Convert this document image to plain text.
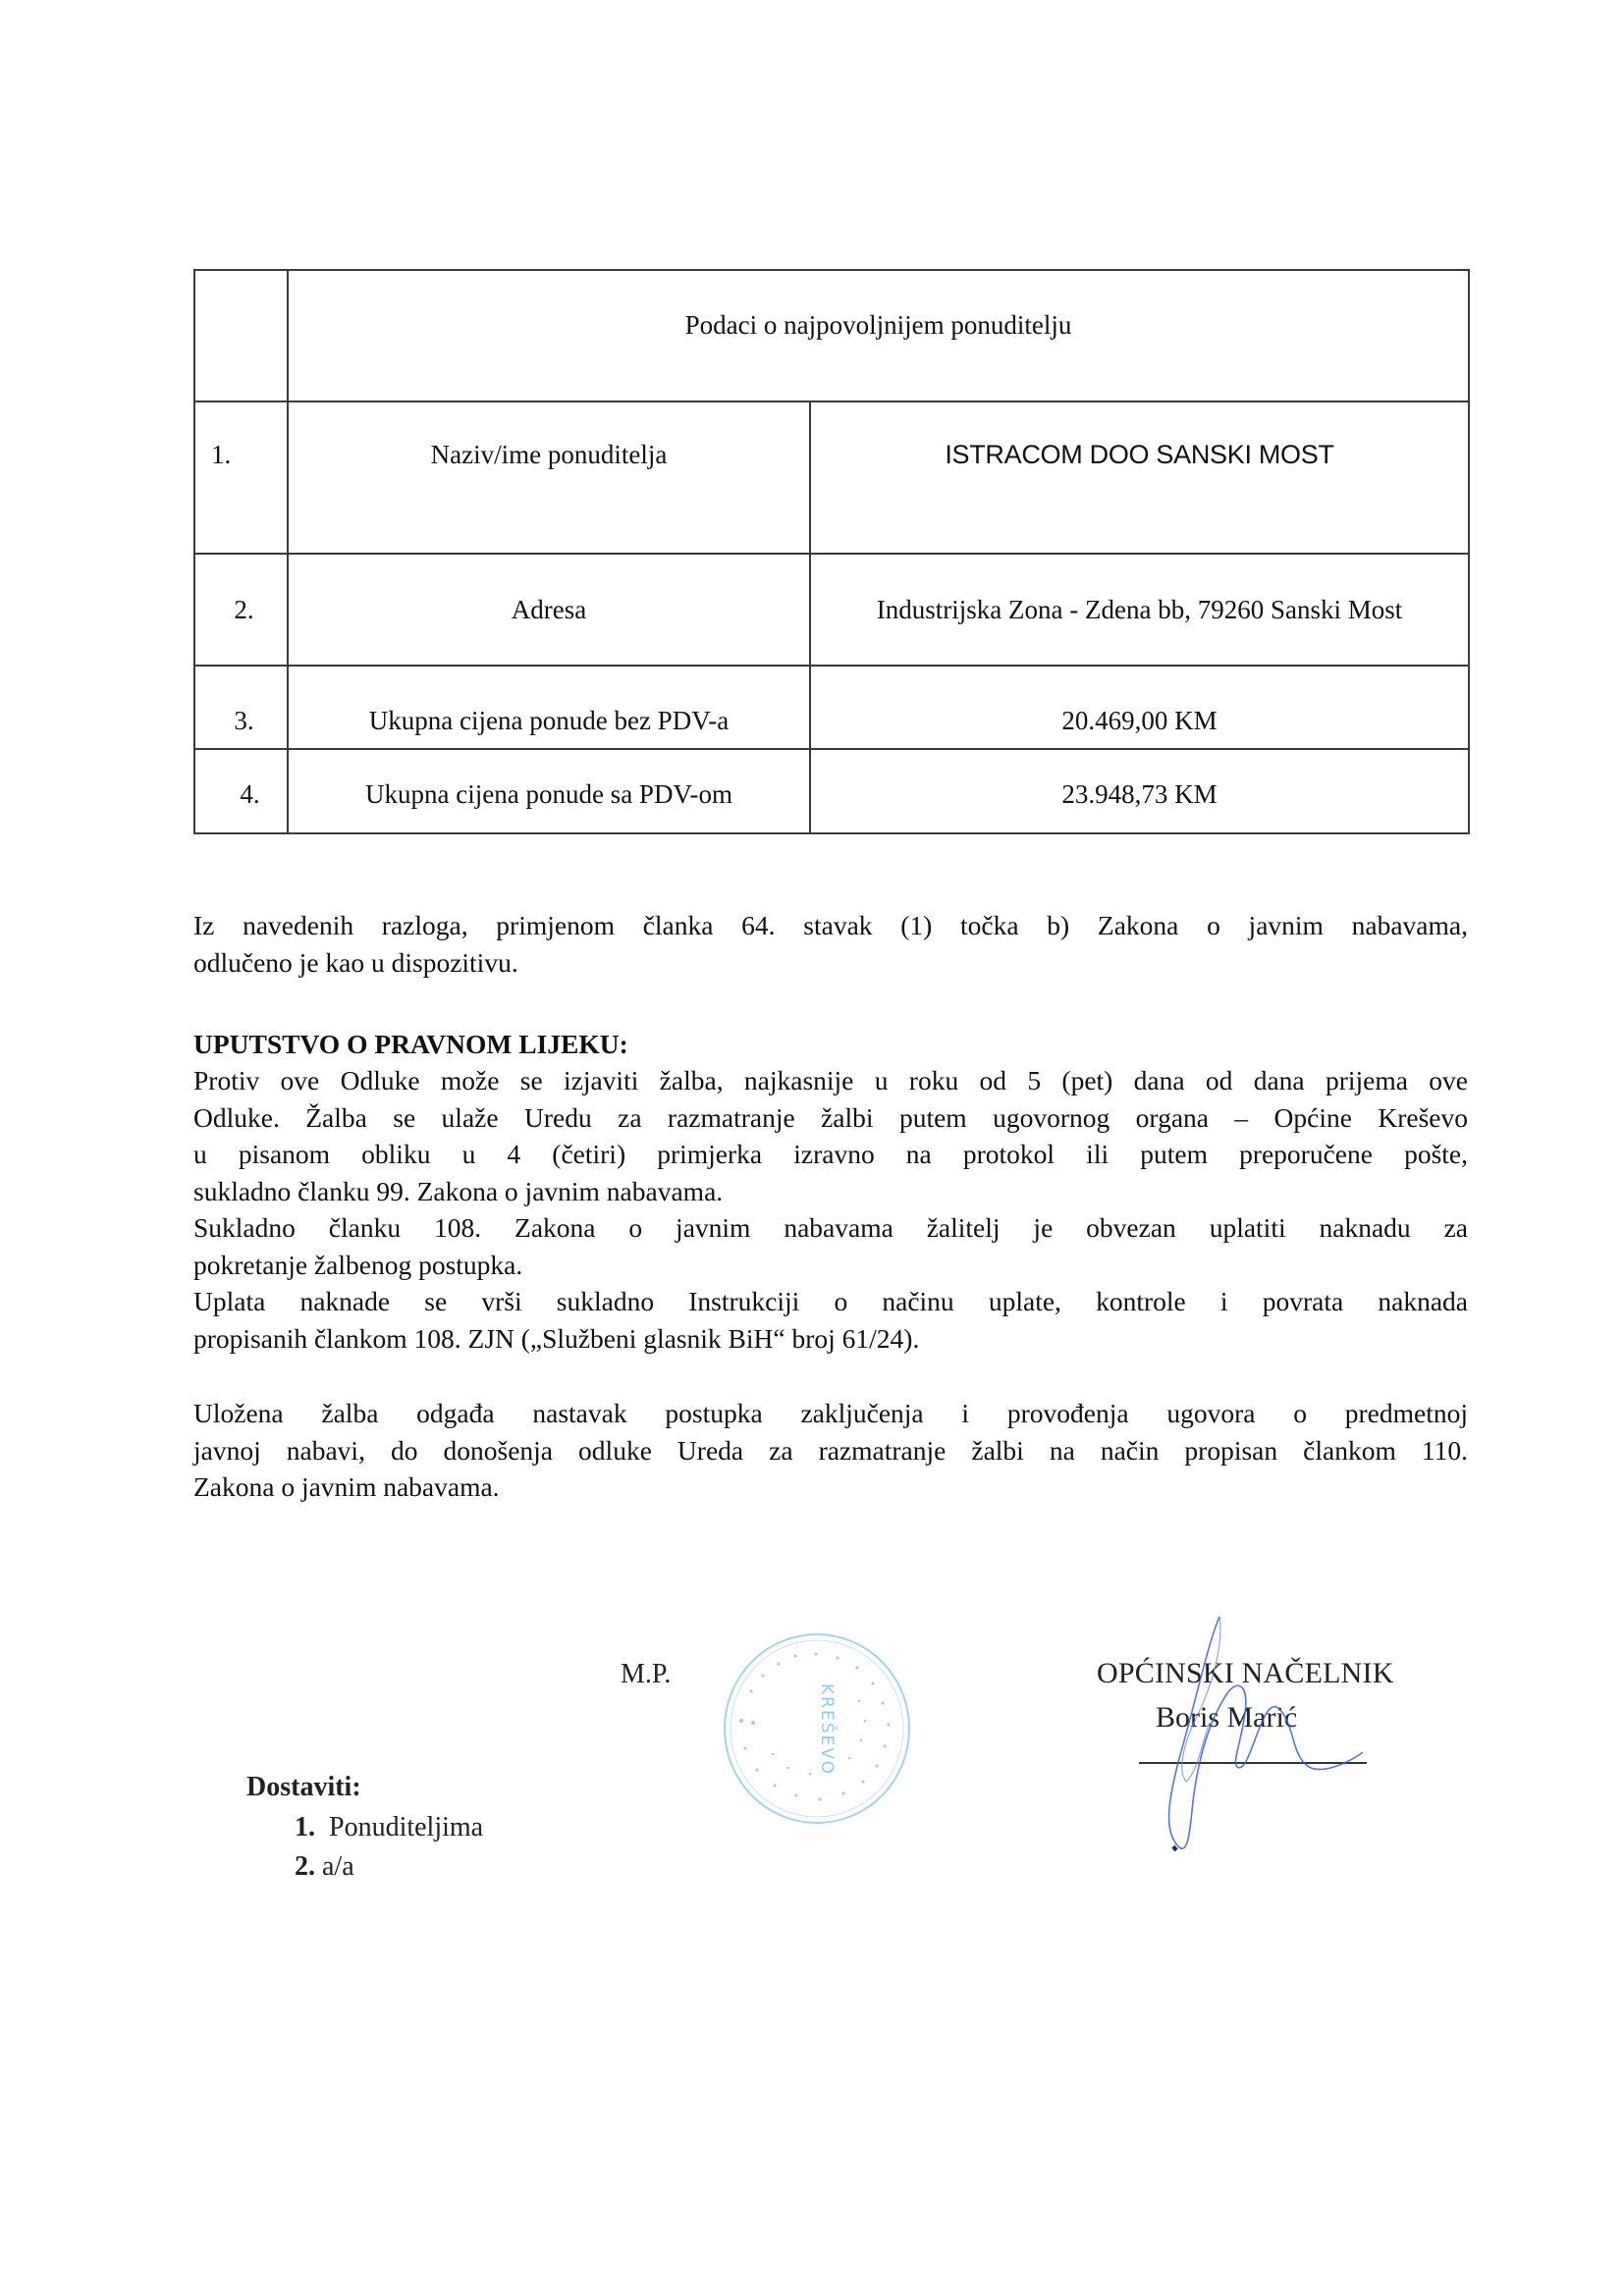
	Podaci o najpovoljnijem ponuditelju	

1.	Naziv/ime ponuditelja	ISTRACOM DOO SANSKI MOST

2.	Adresa	Industrijska Zona - Zdena bb, 79260 Sanski Most

3.	Ukupna cijena ponude bez PDV-a	20.469,00 KM

4.	Ukupna cijena ponude sa PDV-om	23.948,73 KM
Iz navedenih razloga, primjenom članka 64. stavak (1) točka b) Zakona o javnim nabavama,
odlučeno je kao u dispozitivu.
UPUTSTVO O PRAVNOM LIJEKU:
Protiv ove Odluke može se izjaviti žalba, najkasnije u roku od 5 (pet) dana od dana prijema ove
Odluke. Žalba se ulaže Uredu za razmatranje žalbi putem ugovornog organa – Općine Kreševo
u pisanom obliku u 4 (četiri) primjerka izravno na protokol ili putem preporučene pošte,
sukladno članku 99. Zakona o javnim nabavama.
Sukladno članku 108. Zakona o javnim nabavama žalitelj je obvezan uplatiti naknadu za
pokretanje žalbenog postupka.
Uplata naknade se vrši sukladno Instrukciji o načinu uplate, kontrole i povrata naknada
propisanih člankom 108. ZJN („Službeni glasnik BiH“ broj 61/24).
Uložena žalba odgađa nastavak postupka zaključenja i provođenja ugovora o predmetnoj
javnoj nabavi, do donošenja odluke Ureda za razmatranje žalbi na način propisan člankom 110.
Zakona o javnim nabavama.
M.P.
KREŠEVO
OPĆINSKI NAČELNIK
Boris Marić
Dostaviti:
1. Ponuditeljima
2. a/a
